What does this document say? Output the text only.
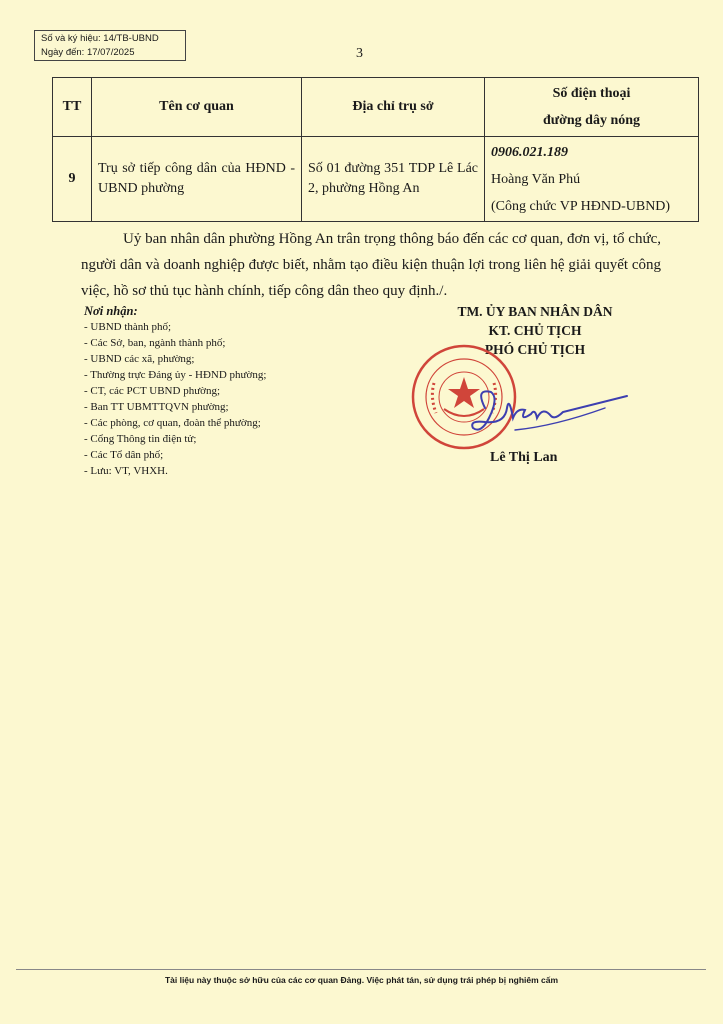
Số và ký hiệu: 14/TB-UBND
Ngày đến: 17/07/2025	3
TT	Tên cơ quan	Địa chỉ trụ sở	Số điện thoại
đường dây nóng

9	Trụ sở tiếp công dân của HĐND - UBND phường	Số 01 đường 351 TDP Lê Lác 2, phường Hồng An	0906.021.189
Hoàng Văn Phú
(Công chức VP HĐND-UBND)
Uỷ ban nhân dân phường Hồng An trân trọng thông báo đến các cơ quan, đơn vị, tổ chức, người dân và doanh nghiệp được biết, nhằm tạo điều kiện thuận lợi trong liên hệ giải quyết công việc, hồ sơ thủ tục hành chính, tiếp công dân theo quy định./.
Nơi nhận:
- UBND thành phố;
- Các Sở, ban, ngành thành phố;
- UBND các xã, phường;
- Thường trực Đảng ủy - HĐND phường;
- CT, các PCT UBND phường;
- Ban TT UBMTTQVN phường;
- Các phòng, cơ quan, đoàn thể phường;
- Cổng Thông tin điện tử;
- Các Tổ dân phố;
- Lưu: VT, VHXH.
TM. ỦY BAN NHÂN DÂN
KT. CHỦ TỊCH
PHÓ CHỦ TỊCH
Lê Thị Lan
Tài liệu này thuộc sở hữu của các cơ quan Đảng. Việc phát tán, sử dụng trái phép bị nghiêm cấm
